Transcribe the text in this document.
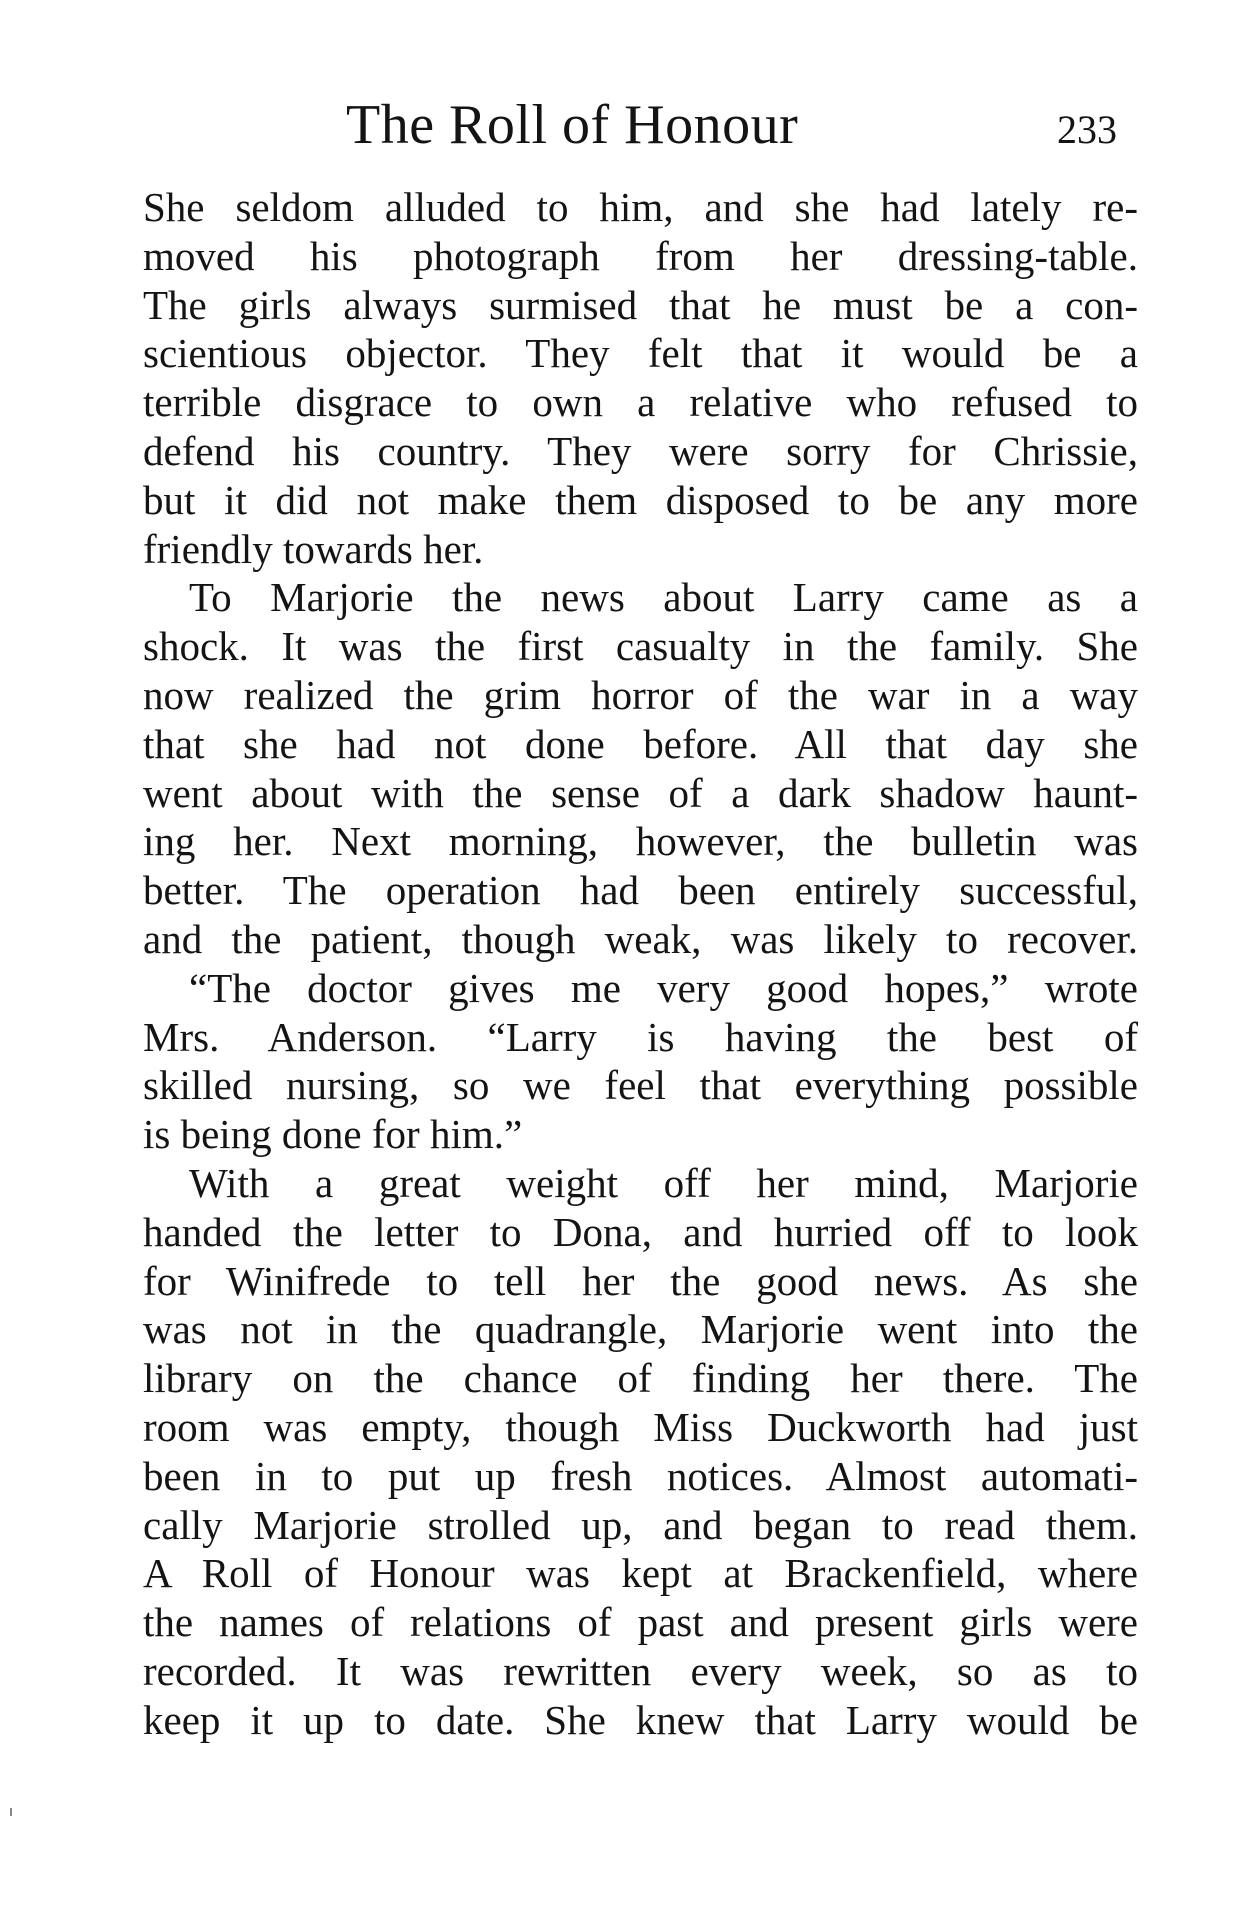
The Roll of Honour	233
She seldom alluded to him, and she had lately re-
moved his photograph from her dressing-table.
The girls always surmised that he must be a con-
scientious objector. They felt that it would be a
terrible disgrace to own a relative who refused to
defend his country. They were sorry for Chrissie,
but it did not make them disposed to be any more
friendly towards her.
To Marjorie the news about Larry came as a
shock. It was the first casualty in the family. She
now realized the grim horror of the war in a way
that she had not done before. All that day she
went about with the sense of a dark shadow haunt-
ing her. Next morning, however, the bulletin was
better. The operation had been entirely successful,
and the patient, though weak, was likely to recover.
“The doctor gives me very good hopes,” wrote
Mrs. Anderson. “Larry is having the best of
skilled nursing, so we feel that everything possible
is being done for him.”
With a great weight off her mind, Marjorie
handed the letter to Dona, and hurried off to look
for Winifrede to tell her the good news. As she
was not in the quadrangle, Marjorie went into the
library on the chance of finding her there. The
room was empty, though Miss Duckworth had just
been in to put up fresh notices. Almost automati-
cally Marjorie strolled up, and began to read them.
A Roll of Honour was kept at Brackenfield, where
the names of relations of past and present girls were
recorded. It was rewritten every week, so as to
keep it up to date. She knew that Larry would be
